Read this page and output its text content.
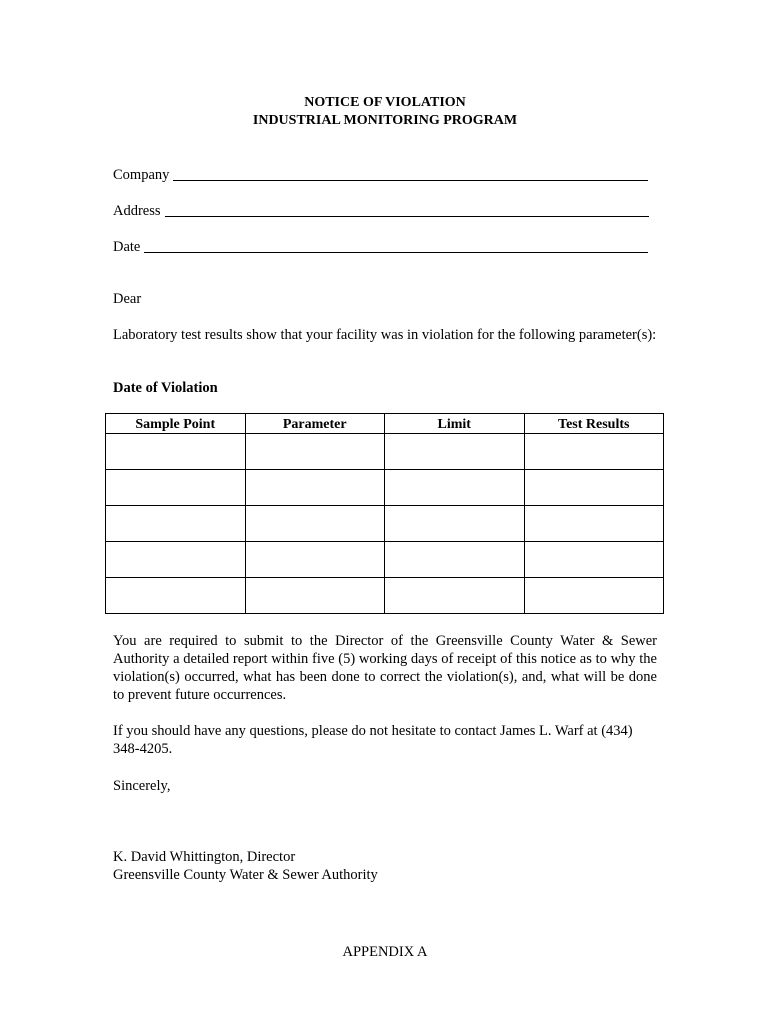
NOTICE OF VIOLATION
INDUSTRIAL MONITORING PROGRAM
Company
Address
Date
Dear
Laboratory test results show that your facility was in violation for the following parameter(s):
Date of Violation
Sample Point	Parameter	Limit	Test Results

You are required to submit to the Director of the Greensville County Water & Sewer Authority a detailed report within five (5) working days of receipt of this notice as to why the violation(s) occurred, what has been done to correct the violation(s), and, what will be done to prevent future occurrences.
If you should have any questions, please do not hesitate to contact James L. Warf at (434) 348-4205.
Sincerely,
K. David Whittington, Director
Greensville County Water & Sewer Authority
APPENDIX A
